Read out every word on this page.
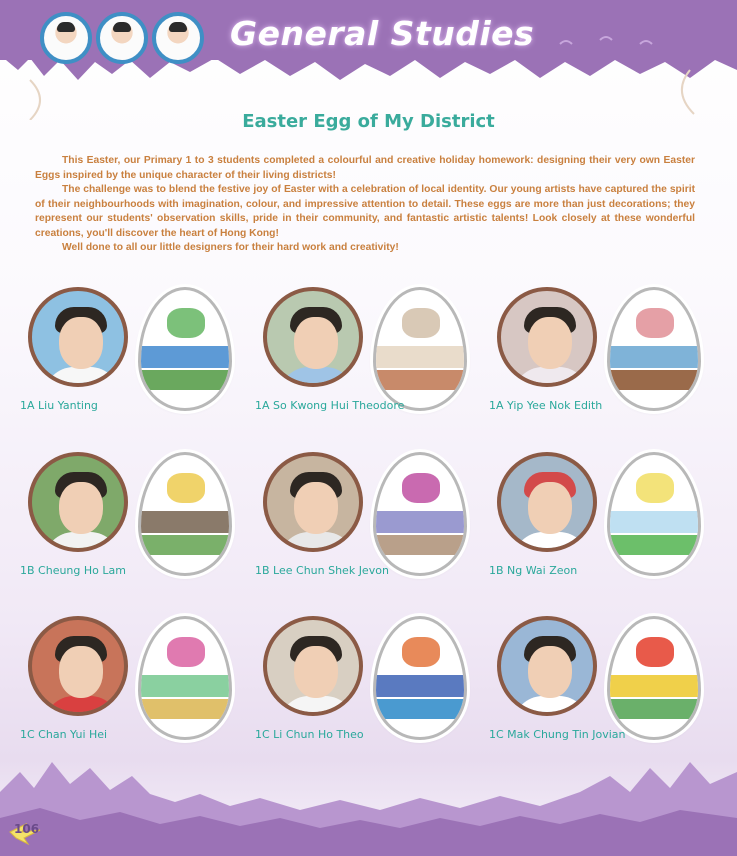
General Studies
Easter Egg of My District

This Easter, our Primary 1 to 3 students completed a colourful and creative holiday homework: designing their very own Easter Eggs inspired by the unique character of their living districts!

The challenge was to blend the festive joy of Easter with a celebration of local identity. Our young artists have captured the spirit of their neighbourhoods with imagination, colour, and impressive attention to detail. These eggs are more than just decorations; they represent our students' observation skills, pride in their community, and fantastic artistic talents! Look closely at these wonderful creations, you'll discover the heart of Hong Kong!

Well done to all our little designers for their hard work and creativity!

1A Liu Yanting	1A So Kwong Hui Theodore	1A Yip Yee Nok Edith
1B Cheung Ho Lam	1B Lee Chun Shek Jevon	1B Ng Wai Zeon
1C Chan Yui Hei	1C Li Chun Ho Theo	1C Mak Chung Tin Jovian
106
